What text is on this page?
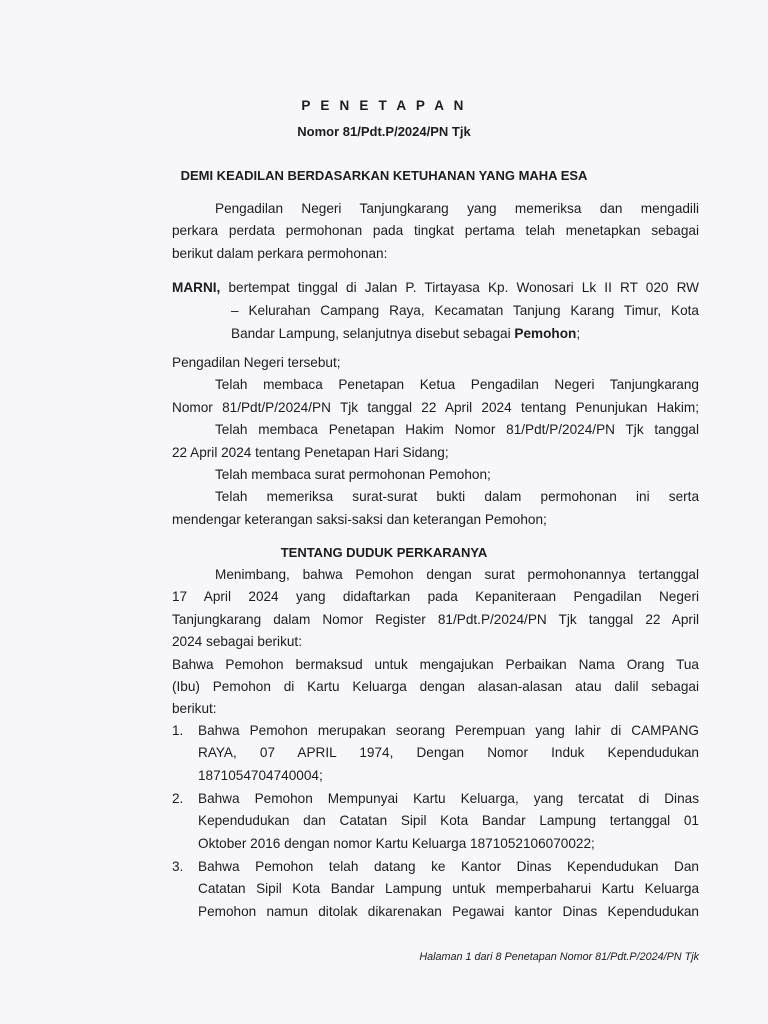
P E N E T A P A N
Nomor 81/Pdt.P/2024/PN Tjk
DEMI KEADILAN BERDASARKAN KETUHANAN YANG MAHA ESA
Pengadilan Negeri Tanjungkarang yang memeriksa dan mengadili
perkara perdata permohonan pada tingkat pertama telah menetapkan sebagai
berikut dalam perkara permohonan:
MARNI, bertempat tinggal di Jalan P. Tirtayasa Kp. Wonosari Lk II RT 020 RW
– Kelurahan Campang Raya, Kecamatan Tanjung Karang Timur, Kota
Bandar Lampung, selanjutnya disebut sebagai Pemohon;
Pengadilan Negeri tersebut;
Telah membaca Penetapan Ketua Pengadilan Negeri Tanjungkarang
Nomor 81/Pdt/P/2024/PN Tjk tanggal 22 April 2024 tentang Penunjukan Hakim;
Telah membaca Penetapan Hakim Nomor 81/Pdt/P/2024/PN Tjk tanggal
22 April 2024 tentang Penetapan Hari Sidang;
Telah membaca surat permohonan Pemohon;
Telah memeriksa surat-surat bukti dalam permohonan ini serta
mendengar keterangan saksi-saksi dan keterangan Pemohon;
TENTANG DUDUK PERKARANYA
Menimbang, bahwa Pemohon dengan surat permohonannya tertanggal
17 April 2024 yang didaftarkan pada Kepaniteraan Pengadilan Negeri
Tanjungkarang dalam Nomor Register 81/Pdt.P/2024/PN Tjk tanggal 22 April
2024 sebagai berikut:
Bahwa Pemohon bermaksud untuk mengajukan Perbaikan Nama Orang Tua
(Ibu) Pemohon di Kartu Keluarga dengan alasan-alasan atau dalil sebagai
berikut:
1. Bahwa Pemohon merupakan seorang Perempuan yang lahir di CAMPANG
RAYA, 07 APRIL 1974, Dengan Nomor Induk Kependudukan
1871054704740004;
2. Bahwa Pemohon Mempunyai Kartu Keluarga, yang tercatat di Dinas
Kependudukan dan Catatan Sipil Kota Bandar Lampung tertanggal 01
Oktober 2016 dengan nomor Kartu Keluarga 1871052106070022;
3. Bahwa Pemohon telah datang ke Kantor Dinas Kependudukan Dan
Catatan Sipil Kota Bandar Lampung untuk memperbaharui Kartu Keluarga
Pemohon namun ditolak dikarenakan Pegawai kantor Dinas Kependudukan
Halaman 1 dari 8 Penetapan Nomor 81/Pdt.P/2024/PN Tjk
